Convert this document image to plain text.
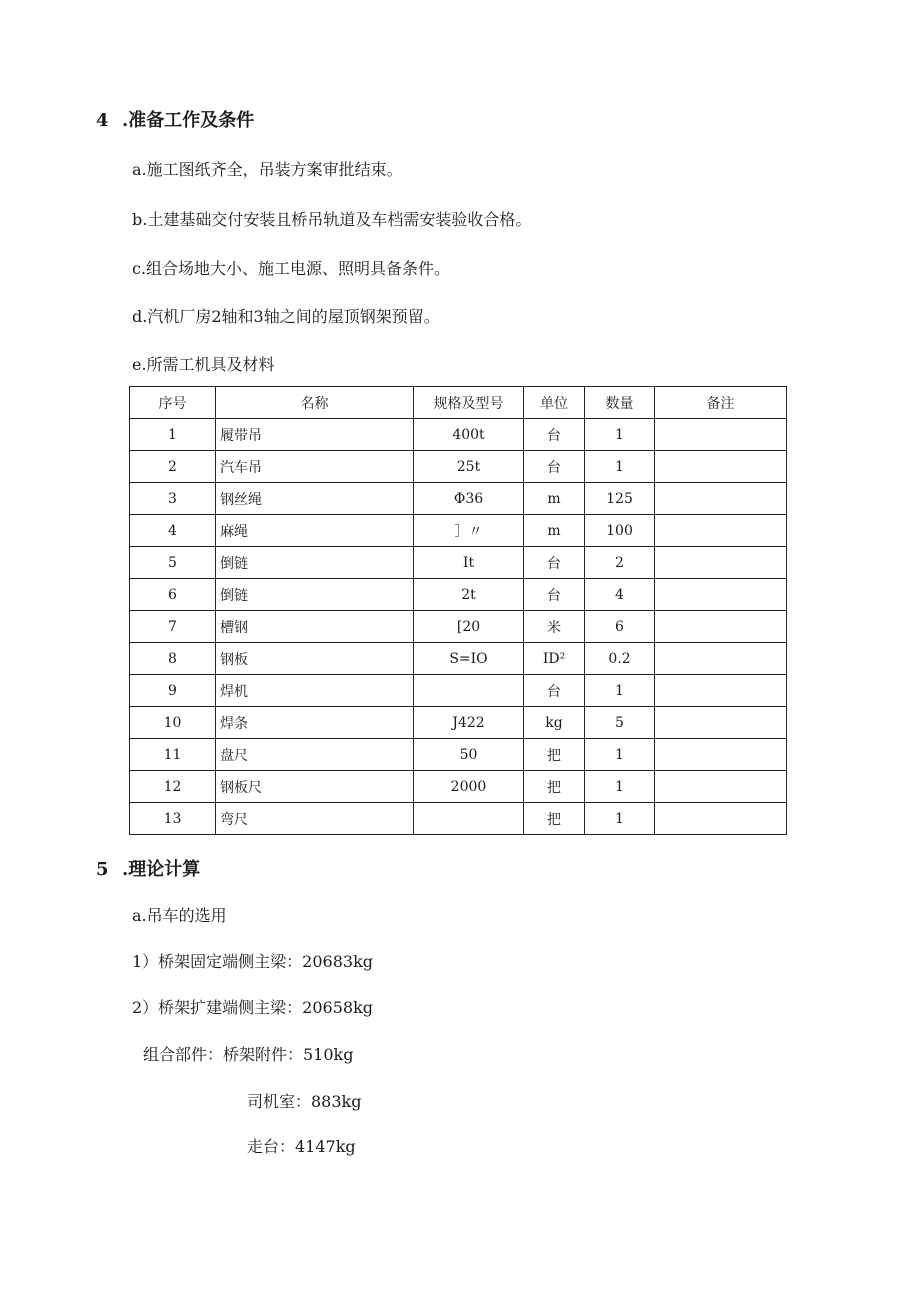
4 .准备工作及条件
a.施工图纸齐全，吊装方案审批结束。
b.土建基础交付安装且桥吊轨道及车档需安装验收合格。
c.组合场地大小、施工电源、照明具备条件。
d.汽机厂房2轴和3轴之间的屋顶钢架预留。
e.所需工机具及材料
序号	名称	规格及型号	单位	数量	备注
1	履带吊	400t	台	1	
2	汽车吊	25t	台	1	
3	钢丝绳	Φ36	m	125	
4	麻绳	］〃	m	100	
5	倒链	It	台	2	
6	倒链	2t	台	4	
7	槽钢	[20	米	6	
8	钢板	S=IO	ID²	0.2	
9	焊机		台	1	
10	焊条	J422	kg	5	
11	盘尺	50	把	1	
12	钢板尺	2000	把	1	
13	弯尺		把	1	
5 .理论计算
a.吊车的选用
1）桥架固定端侧主梁：20683kg
2）桥架扩建端侧主梁：20658kg
组合部件：桥架附件：510kg
司机室：883kg
走台：4147kg
